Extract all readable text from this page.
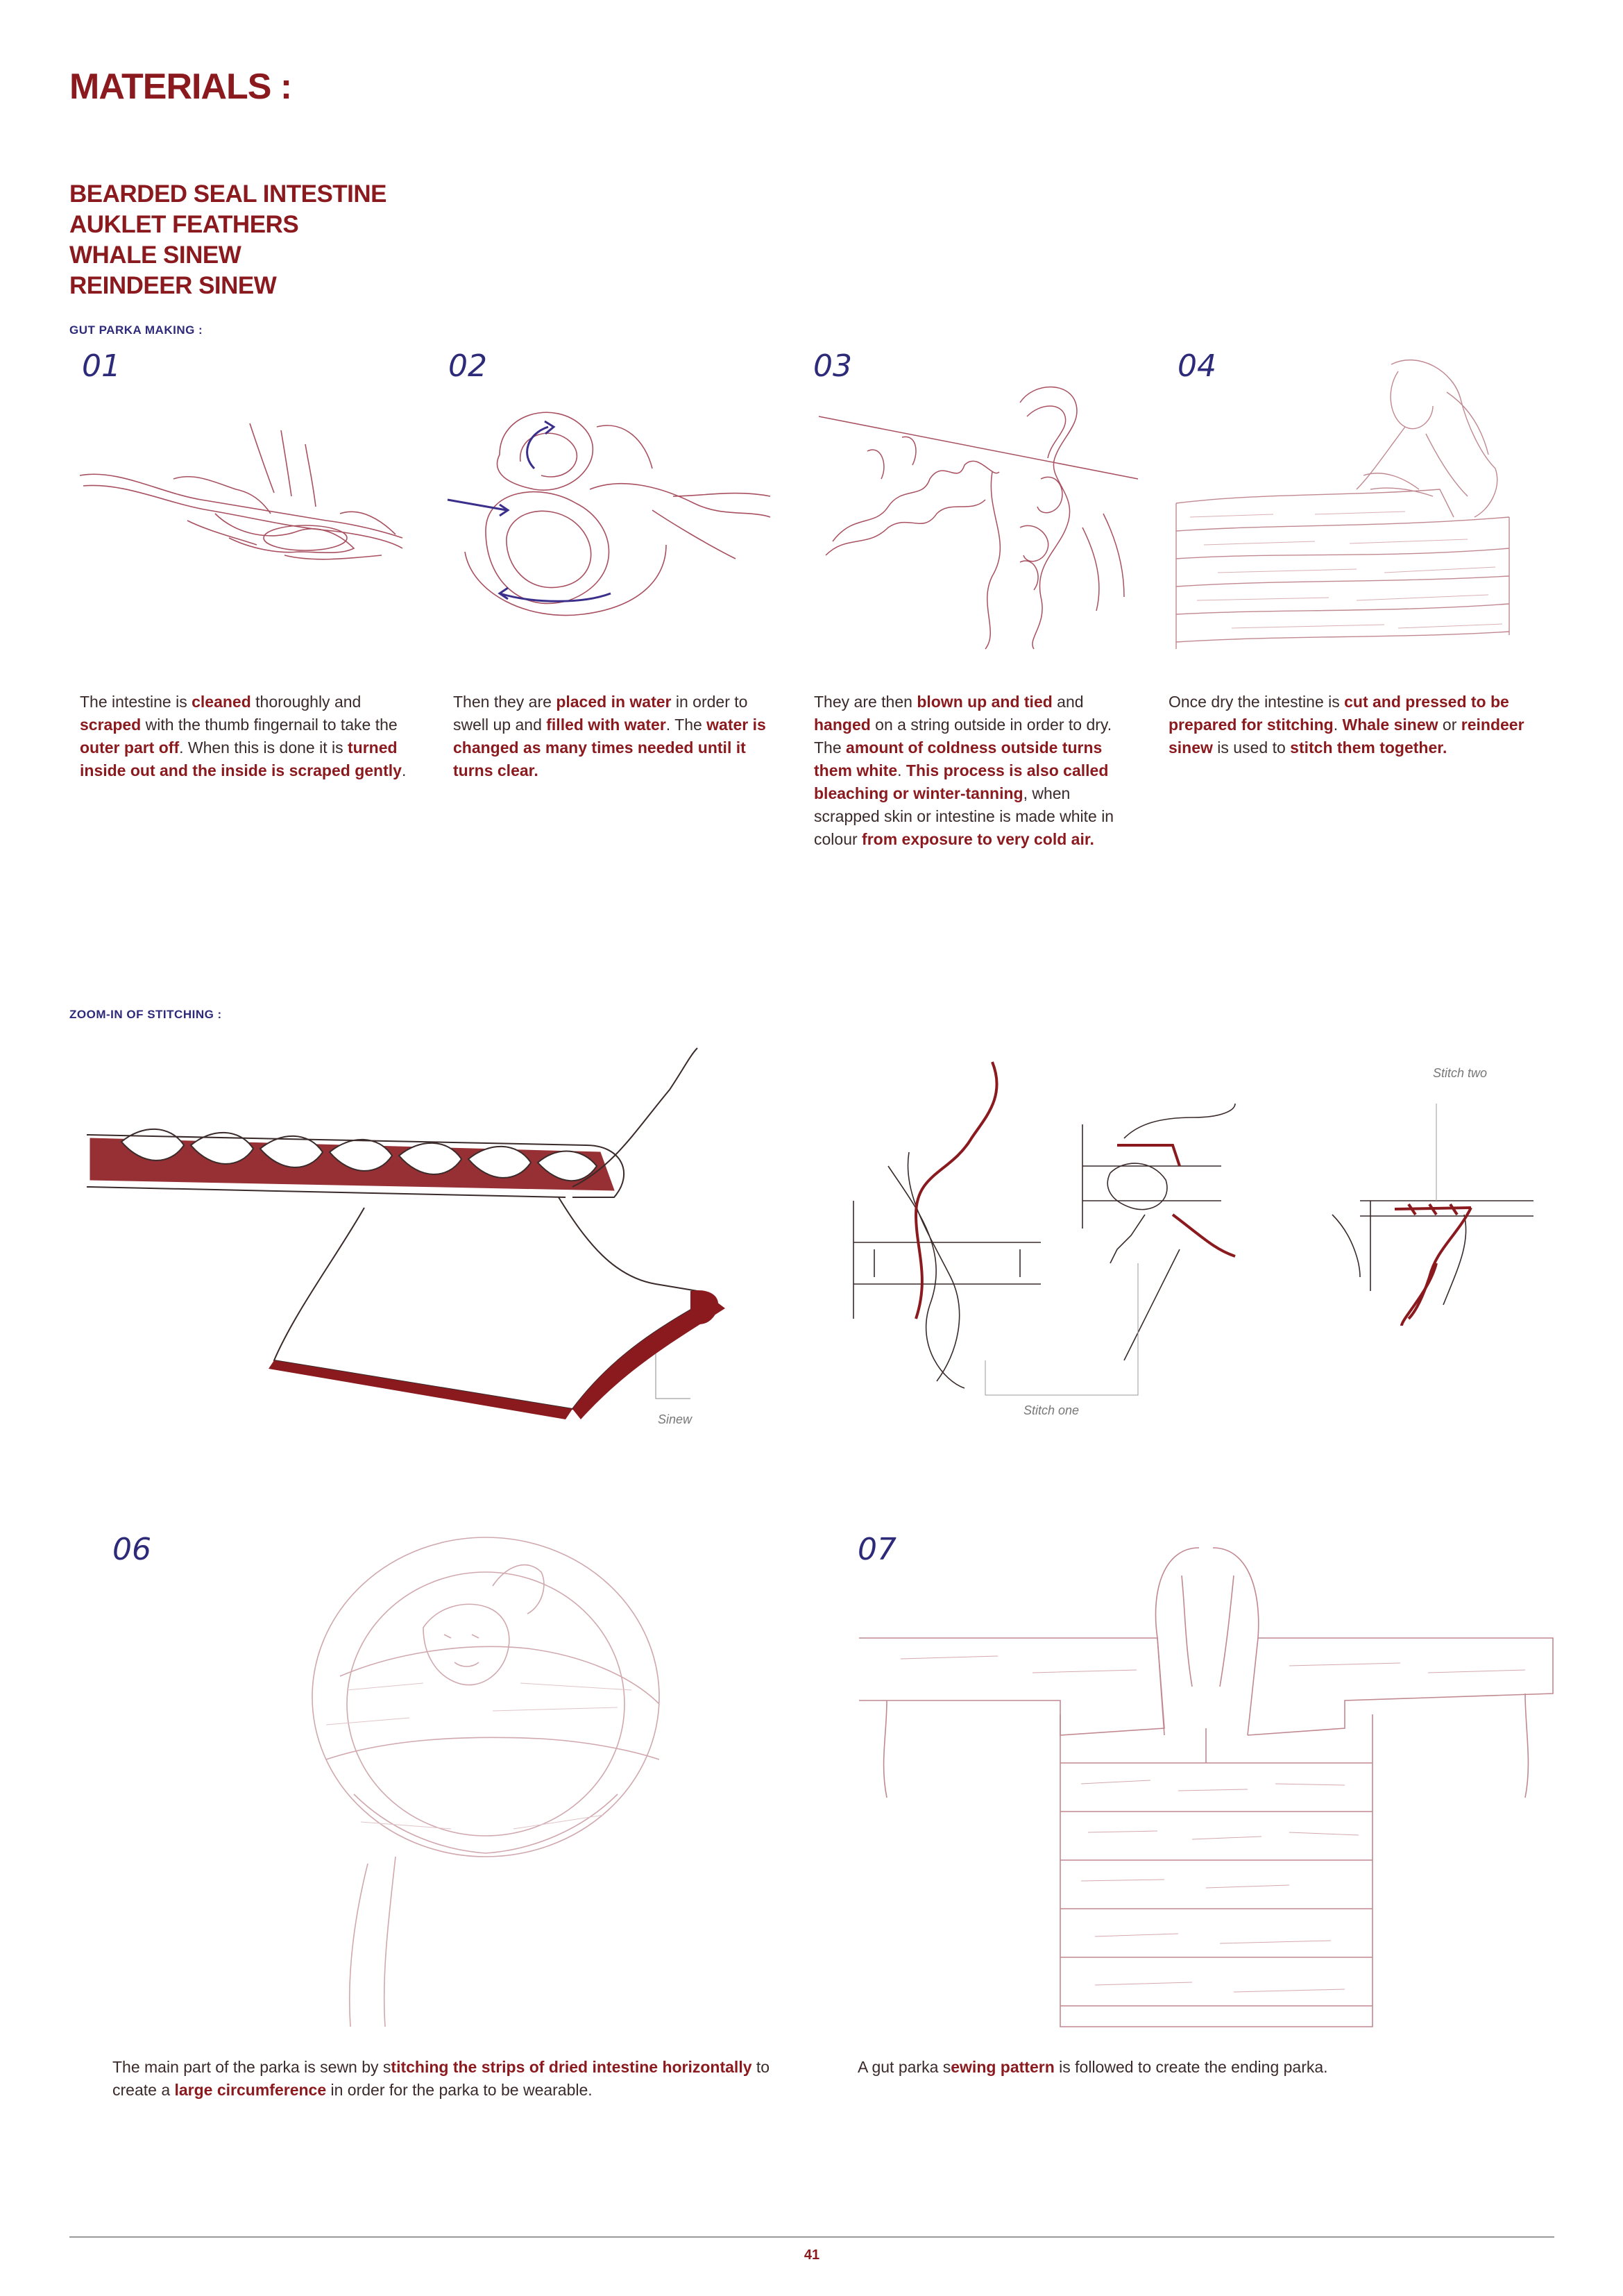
MATERIALS :
BEARDED SEAL INTESTINE
AUKLET FEATHERS
WHALE SINEW
REINDEER SINEW
GUT PARKA MAKING :
01	02	03	04
The intestine is cleaned thoroughly and scraped with the thumb fingernail to take the outer part off. When this is done it is turned inside out and the inside is scraped gently.
Then they are placed in water in order to swell up and filled with water. The water is changed as many times needed until it turns clear.
They are then blown up and tied and hanged on a string outside in order to dry. The amount of coldness outside turns them white. This process is also called bleaching or winter-tanning, when scrapped skin or intestine is made white in colour from exposure to very cold air.
Once dry the intestine is cut and pressed to be prepared for stitching. Whale sinew or reindeer sinew is used to stitch them together.
ZOOM-IN OF STITCHING :
Sinew
Stitch one
Stitch two
06	07
The main part of the parka is sewn by stitching the strips of dried intestine horizontally to create a large circumference in order for the parka to be wearable.
A gut parka sewing pattern is followed to create the ending parka.
41
